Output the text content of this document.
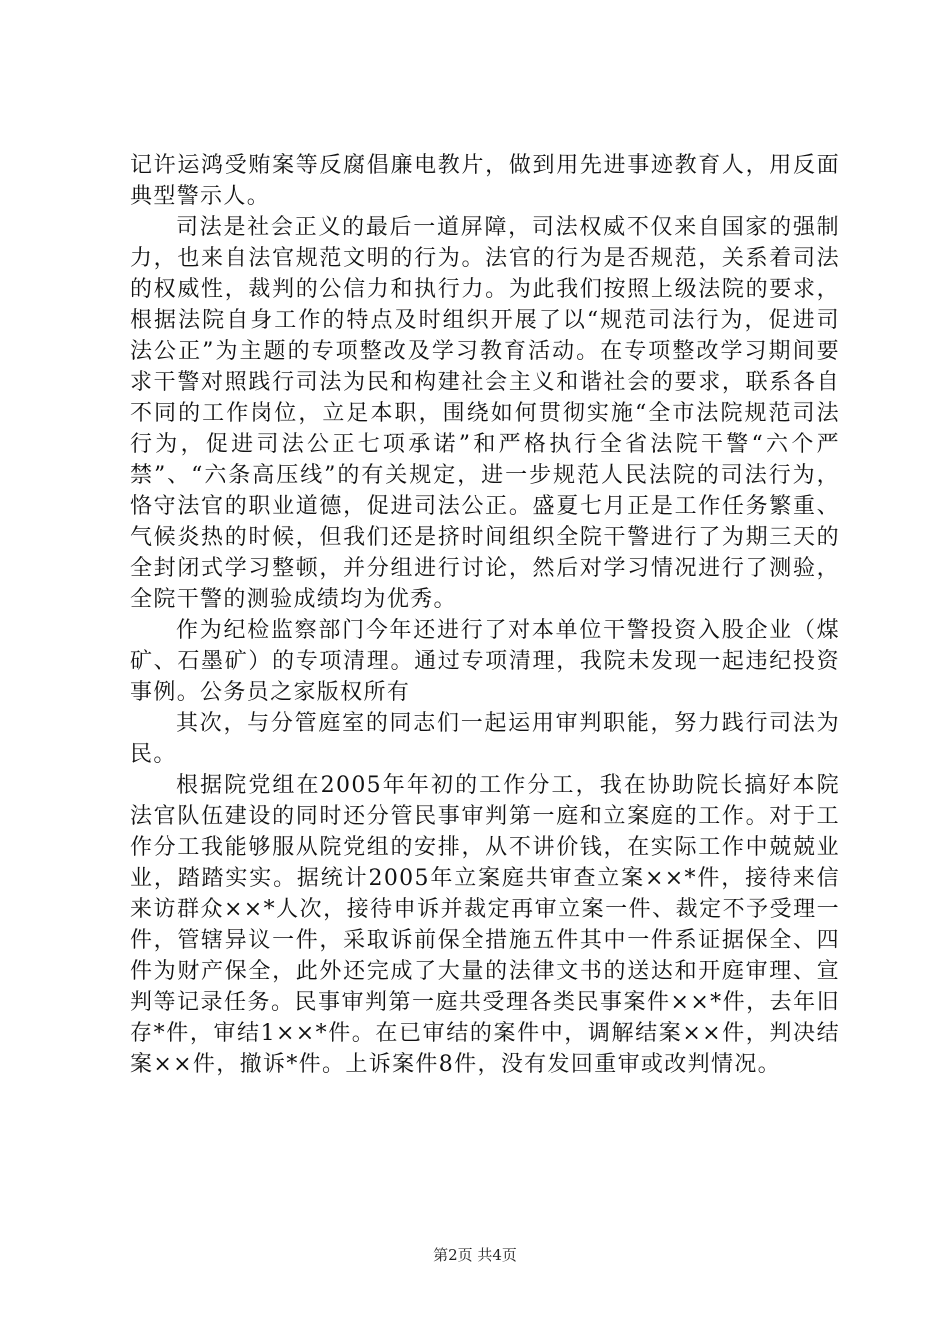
记许运鸿受贿案等反腐倡廉电教片，做到用先进事迹教育人，用反面典型警示人。

司法是社会正义的最后一道屏障，司法权威不仅来自国家的强制力，也来自法官规范文明的行为。法官的行为是否规范，关系着司法的权威性，裁判的公信力和执行力。为此我们按照上级法院的要求，根据法院自身工作的特点及时组织开展了以“规范司法行为，促进司法公正”为主题的专项整改及学习教育活动。在专项整改学习期间要求干警对照践行司法为民和构建社会主义和谐社会的要求，联系各自不同的工作岗位，立足本职，围绕如何贯彻实施“全市法院规范司法行为，促进司法公正七项承诺”和严格执行全省法院干警“六个严禁”、“六条高压线”的有关规定，进一步规范人民法院的司法行为，恪守法官的职业道德，促进司法公正。盛夏七月正是工作任务繁重、气候炎热的时候，但我们还是挤时间组织全院干警进行了为期三天的全封闭式学习整顿，并分组进行讨论，然后对学习情况进行了测验，全院干警的测验成绩均为优秀。

作为纪检监察部门今年还进行了对本单位干警投资入股企业（煤矿、石墨矿）的专项清理。通过专项清理，我院未发现一起违纪投资事例。公务员之家版权所有

其次，与分管庭室的同志们一起运用审判职能，努力践行司法为民。

根据院党组在2005年年初的工作分工，我在协助院长搞好本院法官队伍建设的同时还分管民事审判第一庭和立案庭的工作。对于工作分工我能够服从院党组的安排，从不讲价钱，在实际工作中兢兢业业，踏踏实实。据统计2005年立案庭共审查立案××*件，接待来信来访群众××*人次，接待申诉并裁定再审立案一件、裁定不予受理一件，管辖异议一件，采取诉前保全措施五件其中一件系证据保全、四件为财产保全，此外还完成了大量的法律文书的送达和开庭审理、宣判等记录任务。民事审判第一庭共受理各类民事案件××*件，去年旧存*件，审结1××*件。在已审结的案件中，调解结案××件，判决结案××件，撤诉*件。上诉案件8件，没有发回重审或改判情况。

第2页 共4页
